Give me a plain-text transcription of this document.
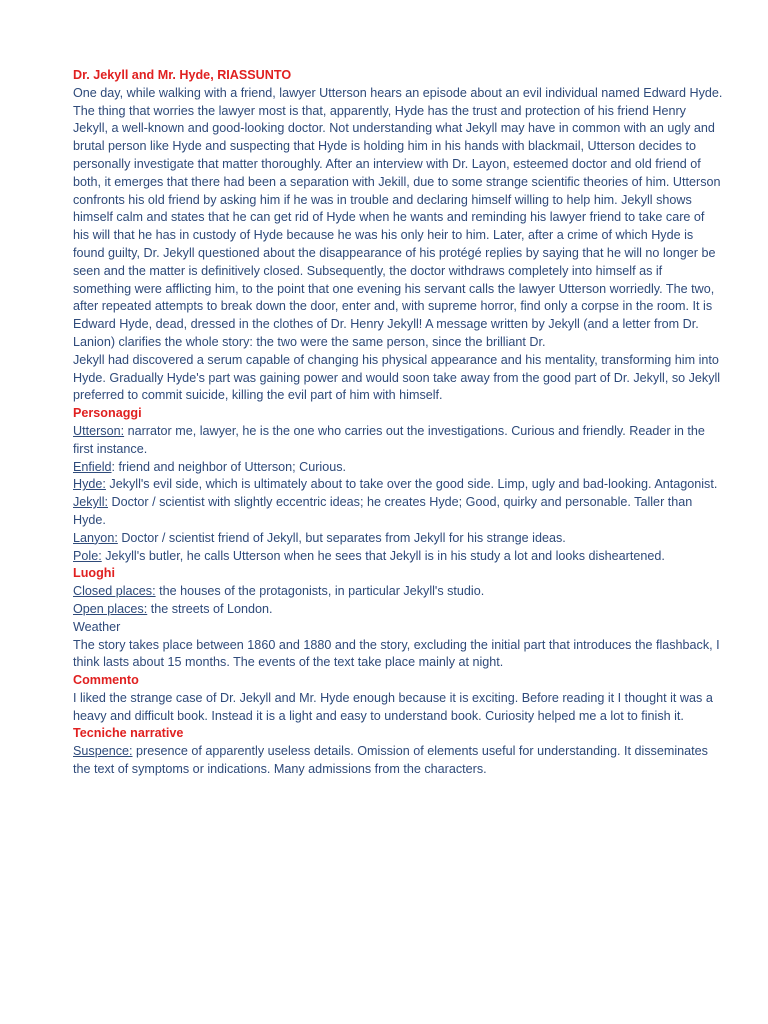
Dr. Jekyll and Mr. Hyde, RIASSUNTO

One day, while walking with a friend, lawyer Utterson hears an episode about an evil individual named Edward Hyde. The thing that worries the lawyer most is that, apparently, Hyde has the trust and protection of his friend Henry Jekyll, a well-known and good-looking doctor. Not understanding what Jekyll may have in common with an ugly and brutal person like Hyde and suspecting that Hyde is holding him in his hands with blackmail, Utterson decides to personally investigate that matter thoroughly. After an interview with Dr. Layon, esteemed doctor and old friend of both, it emerges that there had been a separation with Jekill, due to some strange scientific theories of him. Utterson confronts his old friend by asking him if he was in trouble and declaring himself willing to help him. Jekyll shows himself calm and states that he can get rid of Hyde when he wants and reminding his lawyer friend to take care of his will that he has in custody of Hyde because he was his only heir to him. Later, after a crime of which Hyde is found guilty, Dr. Jekyll questioned about the disappearance of his protégé replies by saying that he will no longer be seen and the matter is definitively closed. Subsequently, the doctor withdraws completely into himself as if something were afflicting him, to the point that one evening his servant calls the lawyer Utterson worriedly. The two, after repeated attempts to break down the door, enter and, with supreme horror, find only a corpse in the room. It is Edward Hyde, dead, dressed in the clothes of Dr. Henry Jekyll! A message written by Jekyll (and a letter from Dr. Lanion) clarifies the whole story: the two were the same person, since the brilliant Dr.

Jekyll had discovered a serum capable of changing his physical appearance and his mentality, transforming him into Hyde. Gradually Hyde's part was gaining power and would soon take away from the good part of Dr. Jekyll, so Jekyll preferred to commit suicide, killing the evil part of him with himself.

Personaggi

Utterson: narrator me, lawyer, he is the one who carries out the investigations. Curious and friendly. Reader in the first instance.

Enfield: friend and neighbor of Utterson; Curious.

Hyde: Jekyll's evil side, which is ultimately about to take over the good side. Limp, ugly and bad-looking. Antagonist.

Jekyll: Doctor / scientist with slightly eccentric ideas; he creates Hyde; Good, quirky and personable. Taller than Hyde.

Lanyon: Doctor / scientist friend of Jekyll, but separates from Jekyll for his strange ideas.

Pole: Jekyll's butler, he calls Utterson when he sees that Jekyll is in his study a lot and looks disheartened.

Luoghi

Closed places: the houses of the protagonists, in particular Jekyll's studio.

Open places: the streets of London.

Weather

The story takes place between 1860 and 1880 and the story, excluding the initial part that introduces the flashback, I think lasts about 15 months. The events of the text take place mainly at night.

Commento

I liked the strange case of Dr. Jekyll and Mr. Hyde enough because it is exciting. Before reading it I thought it was a heavy and difficult book. Instead it is a light and easy to understand book. Curiosity helped me a lot to finish it.

Tecniche narrative

Suspence: presence of apparently useless details. Omission of elements useful for understanding. It disseminates the text of symptoms or indications. Many admissions from the characters.
